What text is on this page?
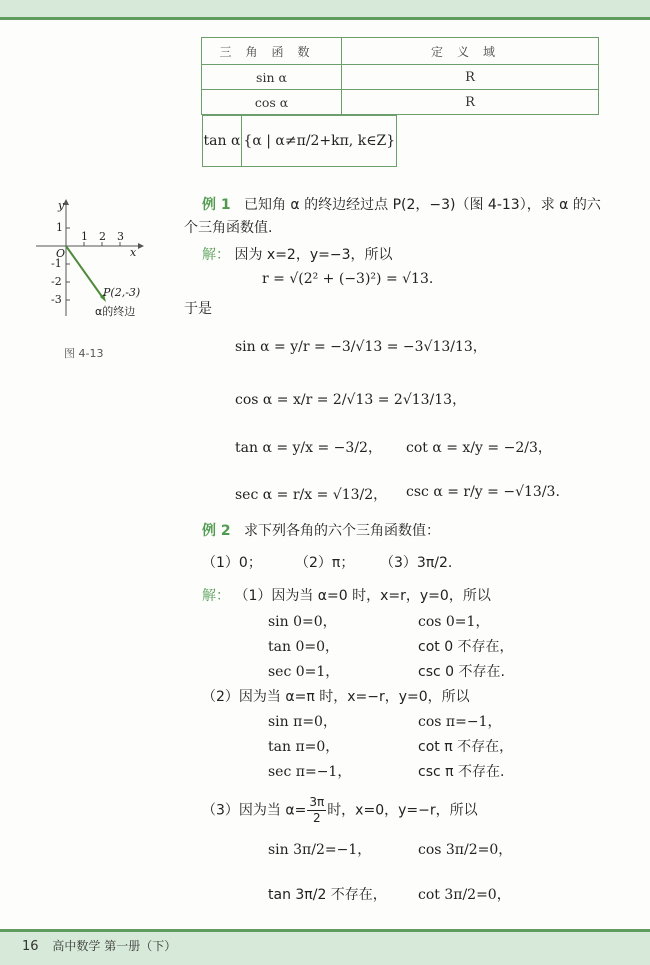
三角函数	定义域
sin α	R
cos α	R

tan α	{α | α≠π/2+kπ, k∈Z}
y
x
O
1 2 3
1
-1
-2
-3
P(2,-3)
α的终边
图 4-13
例 1 已知角 α 的终边经过点 P(2，−3)（图 4-13），求 α 的六
个三角函数值.
解： 因为 x=2，y=−3，所以
r = √(2² + (−3)²) = √13.
于是
sin α = y/r = −3/√13 = −3√13/13，
cos α = x/r = 2/√13 = 2√13/13，
tan α = y/x = −3/2， cot α = x/y = −2/3，
sec α = r/x = √13/2， csc α = r/y = −√13/3.
例 2 求下列各角的六个三角函数值：
（1）0； （2）π； （3）3π/2.
解： （1）因为当 α=0 时，x=r，y=0，所以
sin 0=0，	cos 0=1，
tan 0=0，	cot 0 不存在，
sec 0=1，	csc 0 不存在.
（2）因为当 α=π 时，x=−r，y=0，所以
sin π=0，	cos π=−1，
tan π=0，	cot π 不存在，
sec π=−1，	csc π 不存在.
（3）因为当 $\alpha= \frac{3\pi}{2}$ 时，x=0，y=−r，所以
sin 3π/2=−1，	cos 3π/2=0，
tan 3π/2 不存在， cot 3π/2=0，
16 高中数学 第一册（下）
